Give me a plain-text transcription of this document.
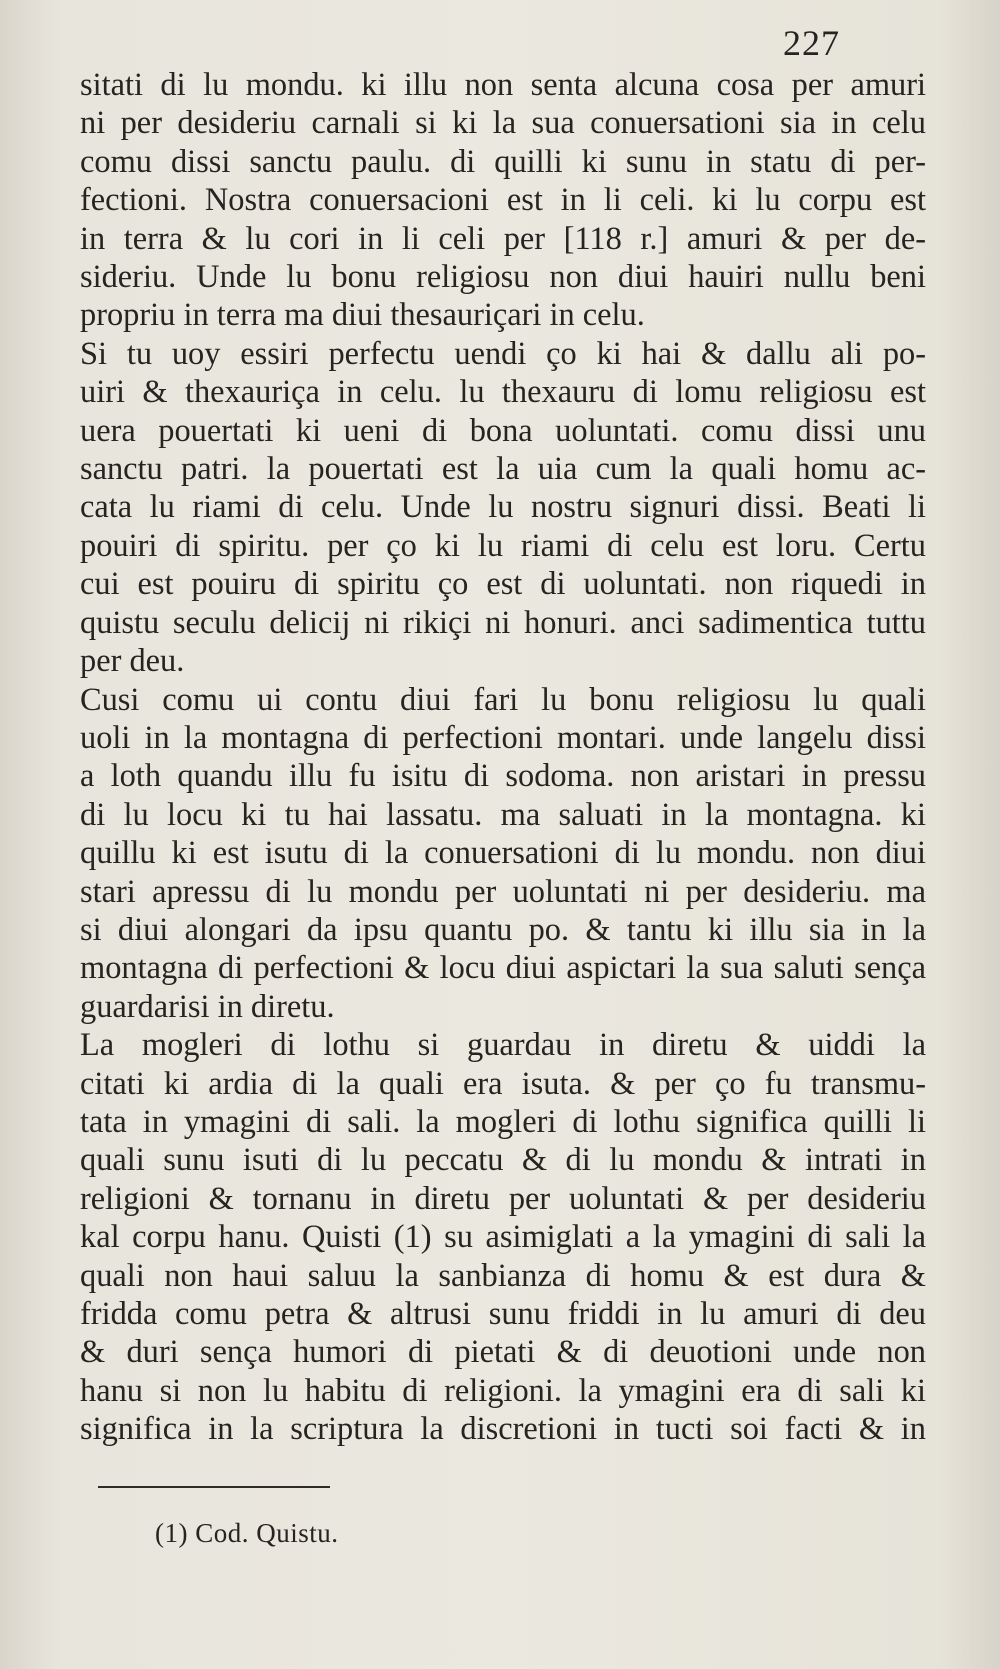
227
sitati di lu mondu. ki illu non senta alcuna cosa per amuri
ni per desideriu carnali si ki la sua conuersationi sia in celu
comu dissi sanctu paulu. di quilli ki sunu in statu di per-
fectioni. Nostra conuersacioni est in li celi. ki lu corpu est
in terra & lu cori in li celi per [118 r.] amuri & per de-
sideriu. Unde lu bonu religiosu non diui hauiri nullu beni
propriu in terra ma diui thesauriçari in celu.
Si tu uoy essiri perfectu uendi ço ki hai & dallu ali po-
uiri & thexauriça in celu. lu thexauru di lomu religiosu est
uera pouertati ki ueni di bona uoluntati. comu dissi unu
sanctu patri. la pouertati est la uia cum la quali homu ac-
cata lu riami di celu. Unde lu nostru signuri dissi. Beati li
pouiri di spiritu. per ço ki lu riami di celu est loru. Certu
cui est pouiru di spiritu ço est di uoluntati. non riquedi in
quistu seculu delicij ni rikiçi ni honuri. anci sadimentica tuttu
per deu.
Cusi comu ui contu diui fari lu bonu religiosu lu quali
uoli in la montagna di perfectioni montari. unde langelu dissi
a loth quandu illu fu isitu di sodoma. non aristari in pressu
di lu locu ki tu hai lassatu. ma saluati in la montagna. ki
quillu ki est isutu di la conuersationi di lu mondu. non diui
stari apressu di lu mondu per uoluntati ni per desideriu. ma
si diui alongari da ipsu quantu po. & tantu ki illu sia in la
montagna di perfectioni & locu diui aspictari la sua saluti sença
guardarisi in diretu.
La mogleri di lothu si guardau in diretu & uiddi la
citati ki ardia di la quali era isuta. & per ço fu transmu-
tata in ymagini di sali. la mogleri di lothu significa quilli li
quali sunu isuti di lu peccatu & di lu mondu & intrati in
religioni & tornanu in diretu per uoluntati & per desideriu
kal corpu hanu. Quisti (1) su asimiglati a la ymagini di sali la
quali non haui saluu la sanbianza di homu & est dura &
fridda comu petra & altrusi sunu friddi in lu amuri di deu
& duri sença humori di pietati & di deuotioni unde non
hanu si non lu habitu di religioni. la ymagini era di sali ki
significa in la scriptura la discretioni in tucti soi facti & in
(1) Cod. Quistu.
